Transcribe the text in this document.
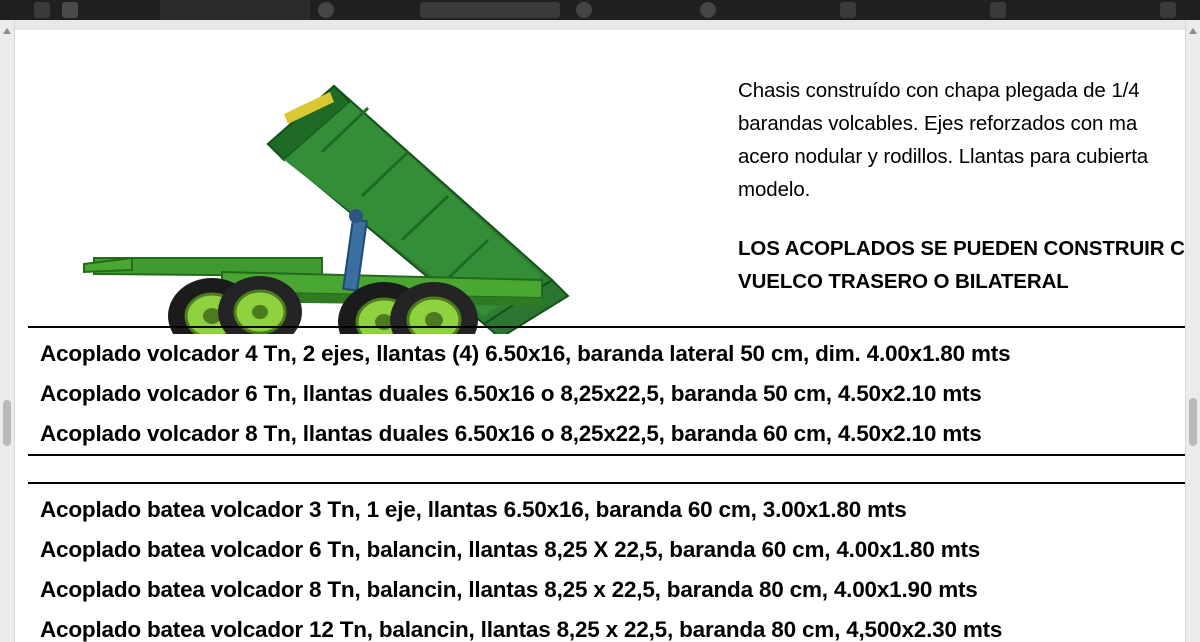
Chasis construído con chapa plegada de 1/4

barandas volcables. Ejes reforzados con ma

acero nodular y rodillos. Llantas para cubierta

modelo.

LOS ACOPLADOS SE PUEDEN CONSTRUIR C

VUELCO TRASERO O BILATERAL

Acoplado volcador 4 Tn, 2 ejes, llantas (4) 6.50x16, baranda lateral 50 cm, dim. 4.00x1.80 mts
Acoplado volcador 6 Tn, llantas duales 6.50x16 o 8,25x22,5, baranda 50 cm, 4.50x2.10 mts
Acoplado volcador 8 Tn, llantas duales 6.50x16 o 8,25x22,5, baranda 60 cm, 4.50x2.10 mts
Acoplado batea volcador 3 Tn, 1 eje, llantas 6.50x16, baranda 60 cm, 3.00x1.80 mts
Acoplado batea volcador 6 Tn, balancin, llantas 8,25 X 22,5, baranda 60 cm, 4.00x1.80 mts
Acoplado batea volcador 8 Tn, balancin, llantas 8,25 x 22,5, baranda 80 cm, 4.00x1.90 mts
Acoplado batea volcador 12 Tn, balancin, llantas 8,25 x 22,5, baranda 80 cm, 4,500x2.30 mts
